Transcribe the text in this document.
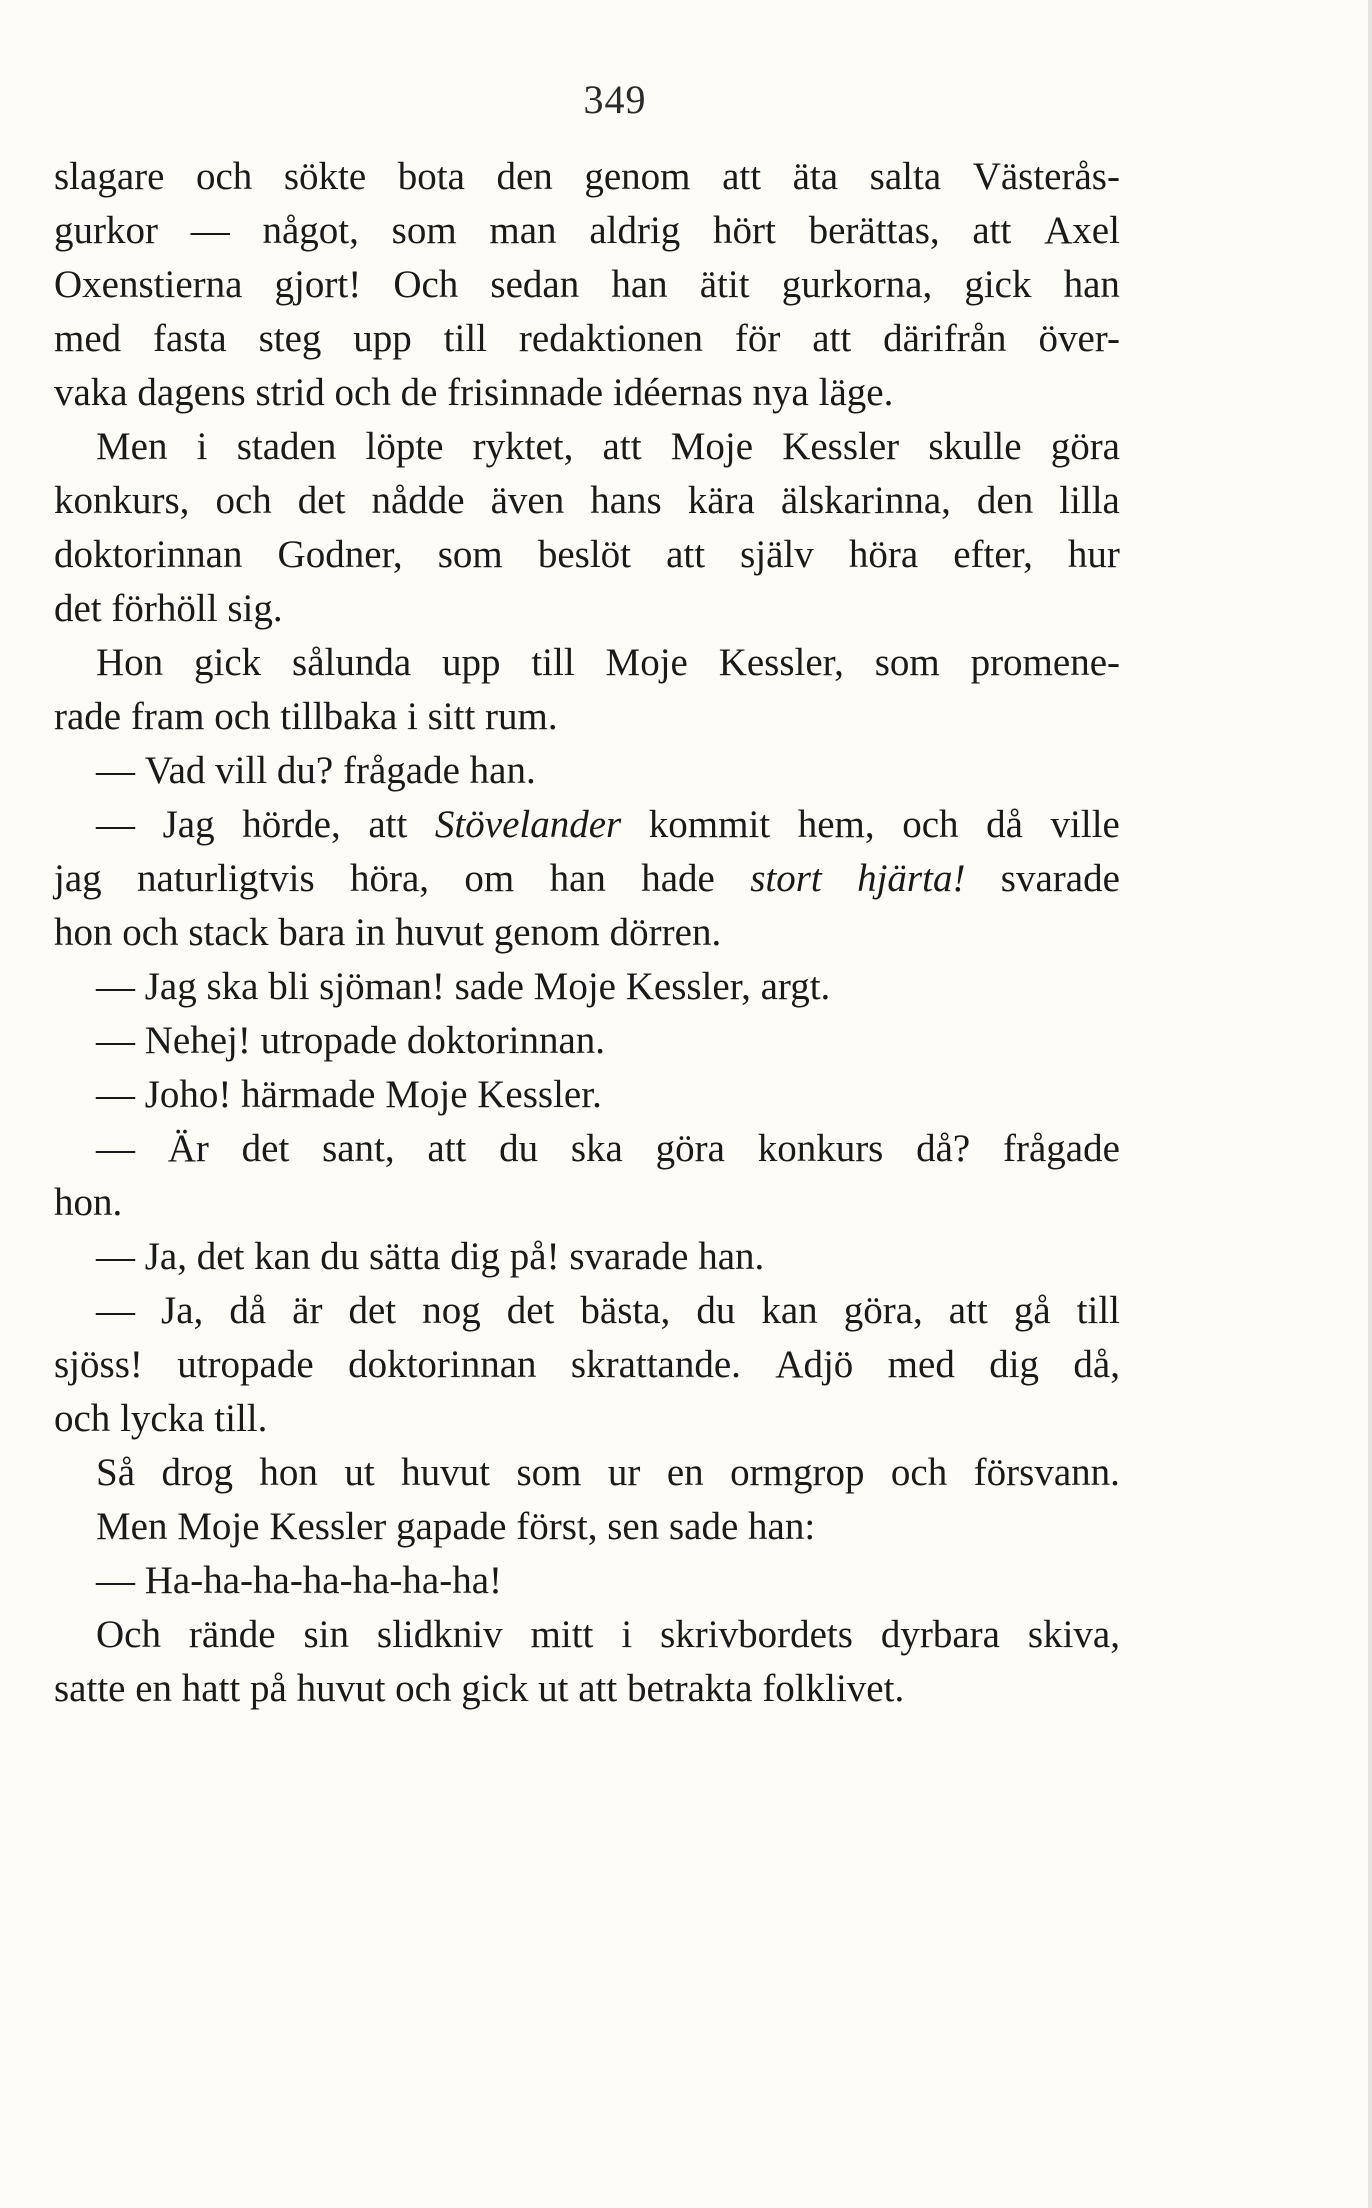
349
slagare och sökte bota den genom att äta salta Västerås-
gurkor — något, som man aldrig hört berättas, att Axel
Oxenstierna gjort! Och sedan han ätit gurkorna, gick han
med fasta steg upp till redaktionen för att därifrån över-
vaka dagens strid och de frisinnade idéernas nya läge.
Men i staden löpte ryktet, att Moje Kessler skulle göra
konkurs, och det nådde även hans kära älskarinna, den lilla
doktorinnan Godner, som beslöt att själv höra efter, hur
det förhöll sig.
Hon gick sålunda upp till Moje Kessler, som promene-
rade fram och tillbaka i sitt rum.
— Vad vill du? frågade han.
— Jag hörde, att Stövelander kommit hem, och då ville
jag naturligtvis höra, om han hade stort hjärta! svarade
hon och stack bara in huvut genom dörren.
— Jag ska bli sjöman! sade Moje Kessler, argt.
— Nehej! utropade doktorinnan.
— Joho! härmade Moje Kessler.
— Är det sant, att du ska göra konkurs då? frågade
hon.
— Ja, det kan du sätta dig på! svarade han.
— Ja, då är det nog det bästa, du kan göra, att gå till
sjöss! utropade doktorinnan skrattande. Adjö med dig då,
och lycka till.
Så drog hon ut huvut som ur en ormgrop och försvann.
Men Moje Kessler gapade först, sen sade han:
— Ha-ha-ha-ha-ha-ha-ha!
Och rände sin slidkniv mitt i skrivbordets dyrbara skiva,
satte en hatt på huvut och gick ut att betrakta folklivet.
